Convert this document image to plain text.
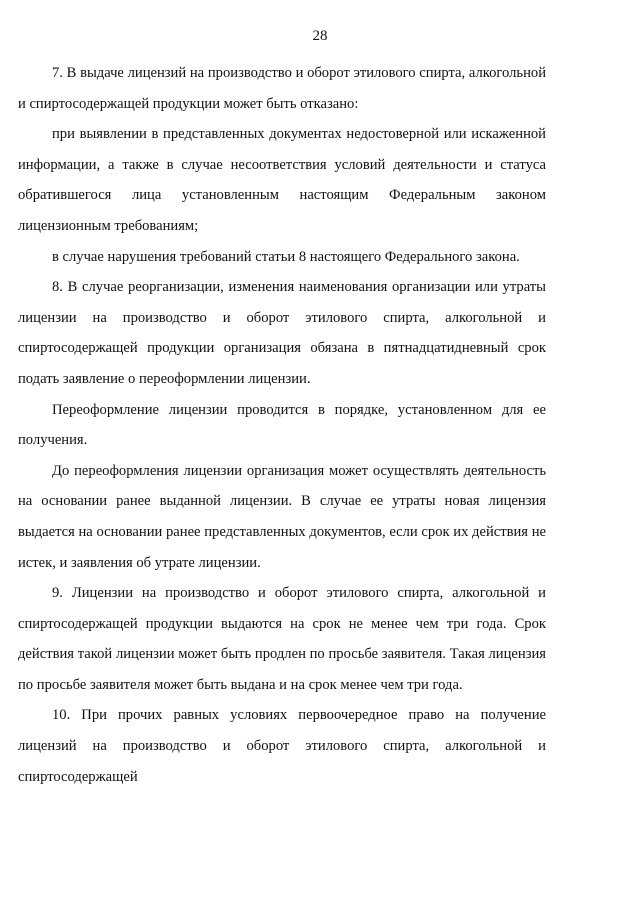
28

7. В выдаче лицензий на производство и оборот этилового спирта, алкогольной и спиртосодержащей продукции может быть отказано:

при выявлении в представленных документах недостоверной или искаженной информации, а также в случае несоответствия условий деятельности и статуса обратившегося лица установленным настоящим Федеральным законом лицензионным требованиям;

в случае нарушения требований статьи 8 настоящего Федерального закона.

8. В случае реорганизации, изменения наименования организации или утраты лицензии на производство и оборот этилового спирта, алкогольной и спиртосодержащей продукции организация обязана в пятнадцатидневный срок подать заявление о переоформлении лицензии.

Переоформление лицензии проводится в порядке, установленном для ее получения.

До переоформления лицензии организация может осуществлять деятельность на основании ранее выданной лицензии. В случае ее утраты новая лицензия выдается на основании ранее представленных документов, если срок их действия не истек, и заявления об утрате лицензии.

9. Лицензии на производство и оборот этилового спирта, алкогольной и спиртосодержащей продукции выдаются на срок не менее чем три года. Срок действия такой лицензии может быть продлен по просьбе заявителя. Такая лицензия по просьбе заявителя может быть выдана и на срок менее чем три года.

10. При прочих равных условиях первоочередное право на получение лицензий на производство и оборот этилового спирта, алкогольной и спиртосодержащей
